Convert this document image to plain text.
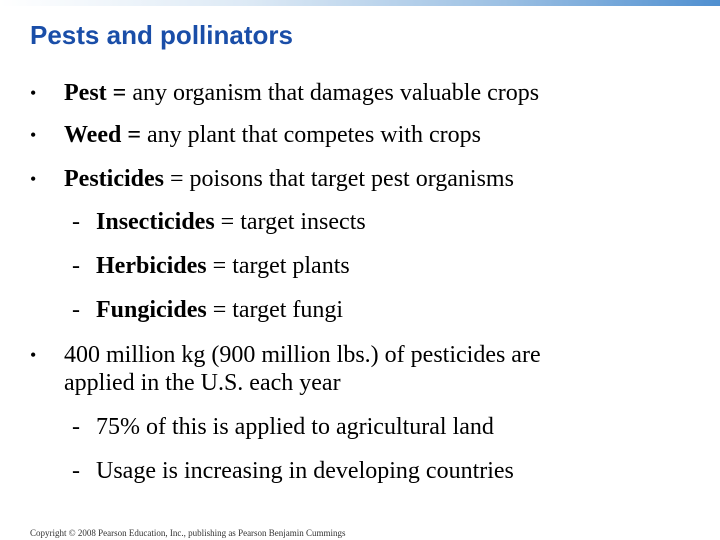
Pests and pollinators
• Pest = any organism that damages valuable crops
• Weed = any plant that competes with crops
• Pesticides = poisons that target pest organisms
- Insecticides = target insects
- Herbicides = target plants
- Fungicides = target fungi
• 400 million kg (900 million lbs.) of pesticides are
applied in the U.S. each year
- 75% of this is applied to agricultural land
- Usage is increasing in developing countries
Copyright © 2008 Pearson Education, Inc., publishing as Pearson Benjamin Cummings
